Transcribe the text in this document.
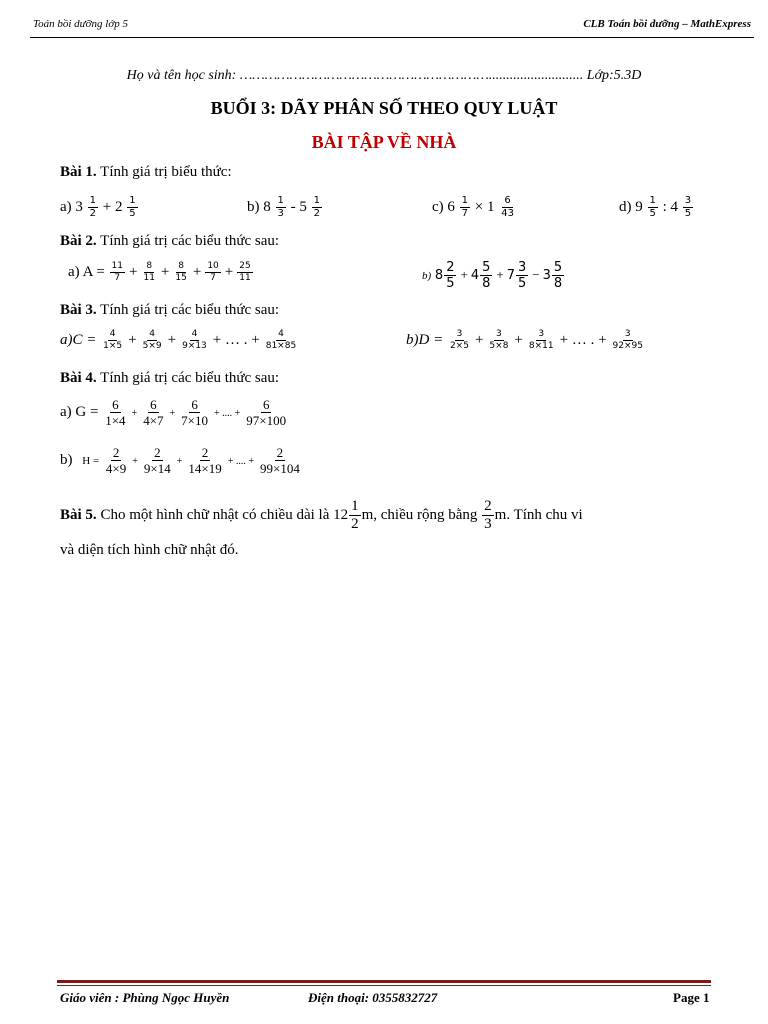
Toán bồi dưỡng lớp 5	CLB Toán bồi dưỡng – MathExpress
Họ và tên học sinh: ……………………………………………………........................... Lớp:5.3D
BUỔI 3: DÃY PHÂN SỐ THEO QUY LUẬT
BÀI TẬP VỀ NHÀ
Bài 1. Tính giá trị biểu thức:
a) $3 \frac{1}{2} + 2 \frac{1}{5}$	b) $8 \frac{1}{3} - 5 \frac{1}{2}$	c) $6 \frac{1}{7} \times 1 \frac{6}{43}$	d) $9 \frac{1}{5}$ : $4 \frac{3}{5}$
Bài 2. Tính giá trị các biểu thức sau:
a) $A = \frac{11}{7} + \frac{8}{11} + \frac{8}{15} + \frac{10}{7} + \frac{25}{11}$	b) $8 \frac{2}{5} + 4 \frac{5}{8} + 7 \frac{3}{5} - 3 \frac{5}{8}$
Bài 3. Tính giá trị các biểu thức sau:
$a)C = \frac{4}{1\times 5} + \frac{4}{5\times 9} + \frac{4}{9\times 13}$ + … . + $\frac{4}{81\times 85}$	$b)D = \frac{3}{2\times 5} + \frac{3}{5\times 8} + \frac{3}{8\times 11}$ + … . + $\frac{3}{92\times 95}$
Bài 4. Tính giá trị các biểu thức sau:
a) $G = \frac{6}{1\times 4} + \frac{6}{4\times 7} + \frac{6}{7\times 10}$ + .... + $\frac{6}{97\times 100}$
b) $H = \frac{2}{4\times 9} + \frac{2}{9\times 14} + \frac{2}{14\times 19}$ + .... + $\frac{2}{99\times 104}$
Bài 5. Cho một hình chữ nhật có chiều dài là $12 \frac{1}{2} m$, chiều rộng bằng $\frac{2}{3} m$. Tính chu vi
và diện tích hình chữ nhật đó.
Giáo viên : Phùng Ngọc Huyền	Điện thoại: 0355832727	Page 1
